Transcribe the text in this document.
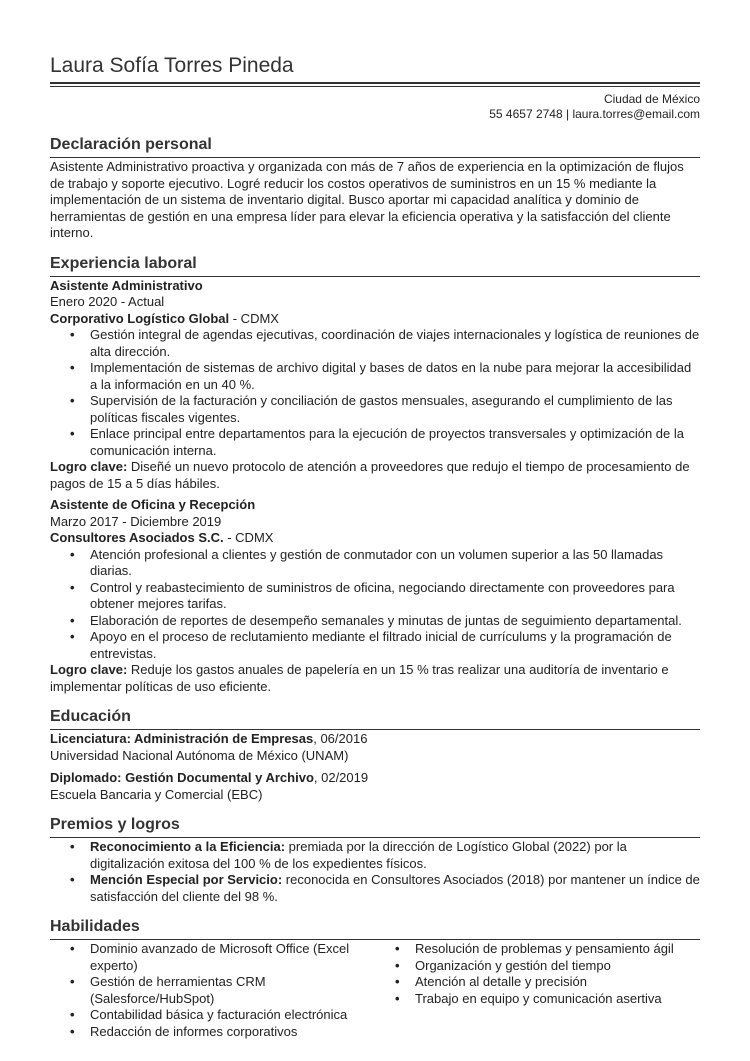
Laura Sofía Torres Pineda
Ciudad de México
55 4657 2748 | laura.torres@email.com
Declaración personal

Asistente Administrativo proactiva y organizada con más de 7 años de experiencia en la optimización de flujos de trabajo y soporte ejecutivo. Logré reducir los costos operativos de suministros en un 15 % mediante la implementación de un sistema de inventario digital. Busco aportar mi capacidad analítica y dominio de herramientas de gestión en una empresa líder para elevar la eficiencia operativa y la satisfacción del cliente interno.

Experiencia laboral

Asistente Administrativo

Enero 2020 - Actual

Corporativo Logístico Global - CDMX

• Gestión integral de agendas ejecutivas, coordinación de viajes internacionales y logística de reuniones de alta dirección.
• Implementación de sistemas de archivo digital y bases de datos en la nube para mejorar la accesibilidad a la información en un 40 %.
• Supervisión de la facturación y conciliación de gastos mensuales, asegurando el cumplimiento de las políticas fiscales vigentes.
• Enlace principal entre departamentos para la ejecución de proyectos transversales y optimización de la comunicación interna.

Logro clave: Diseñé un nuevo protocolo de atención a proveedores que redujo el tiempo de procesamiento de pagos de 15 a 5 días hábiles.

Asistente de Oficina y Recepción

Marzo 2017 - Diciembre 2019

Consultores Asociados S.C. - CDMX

• Atención profesional a clientes y gestión de conmutador con un volumen superior a las 50 llamadas diarias.
• Control y reabastecimiento de suministros de oficina, negociando directamente con proveedores para obtener mejores tarifas.
• Elaboración de reportes de desempeño semanales y minutas de juntas de seguimiento departamental.
• Apoyo en el proceso de reclutamiento mediante el filtrado inicial de currículums y la programación de entrevistas.

Logro clave: Reduje los gastos anuales de papelería en un 15 % tras realizar una auditoría de inventario e implementar políticas de uso eficiente.

Educación

Licenciatura: Administración de Empresas, 06/2016

Universidad Nacional Autónoma de México (UNAM)

Diplomado: Gestión Documental y Archivo, 02/2019

Escuela Bancaria y Comercial (EBC)

Premios y logros
• Reconocimiento a la Eficiencia: premiada por la dirección de Logístico Global (2022) por la digitalización exitosa del 100 % de los expedientes físicos.
• Mención Especial por Servicio: reconocida en Consultores Asociados (2018) por mantener un índice de satisfacción del cliente del 98 %.
Habilidades
• Dominio avanzado de Microsoft Office (Excel experto)
• Gestión de herramientas CRM (Salesforce/HubSpot)
• Contabilidad básica y facturación electrónica
• Redacción de informes corporativos
• Resolución de problemas y pensamiento ágil
• Organización y gestión del tiempo
• Atención al detalle y precisión
• Trabajo en equipo y comunicación asertiva
